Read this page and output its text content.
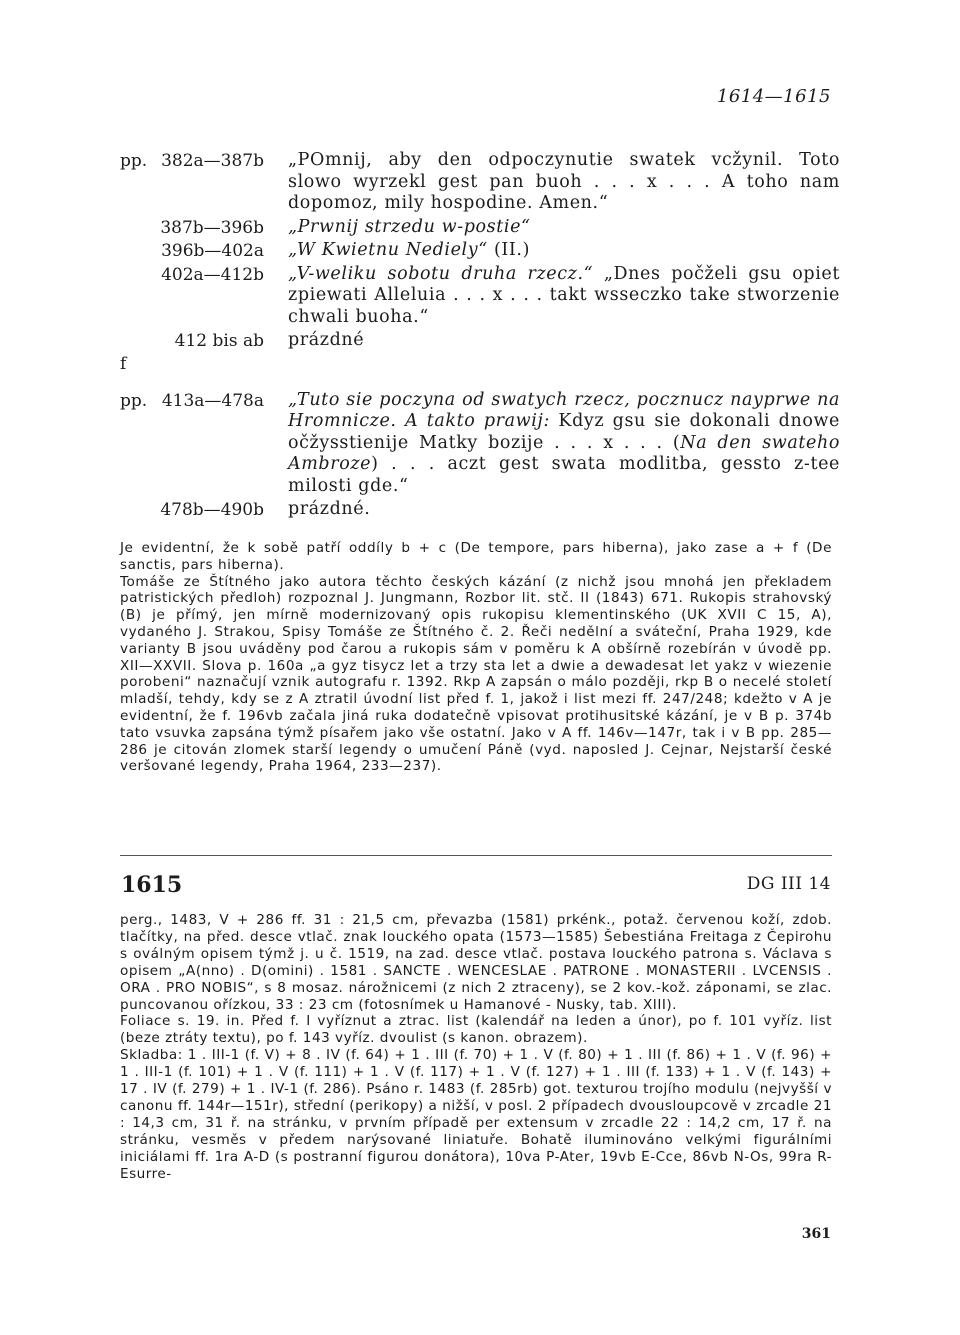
1614—1615
pp. 382a—387b „POmnij, aby den odpoczynutie swatek vcžynil. Toto slowo wyrzekl gest pan buoh . . . x . . . A toho nam dopomoz, mily hospodine. Amen.“
387b—396b „Prwnij strzedu w-postie“
396b—402a „W Kwietnu Nediely“ (II.)
402a—412b „V-weliku sobotu druha rzecz.“ „Dnes počželi gsu opiet zpiewati Alleluia . . . x . . . takt wsseczko take stworzenie chwali buoha.“
412 bis ab prázdné
f
pp. 413a—478a „Tuto sie poczyna od swatych rzecz, pocznucz nayprwe na Hromnicze. A takto prawij: Kdyz gsu sie dokonali dnowe očžysstienije Matky bozije . . . x . . . (Na den swateho Ambroze) . . . aczt gest swata modlitba, gessto z-tee milosti gde.“
478b—490b prázdné.

Je evidentní, že k sobě patří oddíly b + c (De tempore, pars hiberna), jako zase a + f (De sanctis, pars hiberna).

Tomáše ze Štítného jako autora těchto českých kázání (z nichž jsou mnohá jen překladem patristických předloh) rozpoznal J. Jungmann, Rozbor lit. stč. II (1843) 671. Rukopis strahovský (B) je přímý, jen mírně modernizovaný opis rukopisu klementinského (UK XVII C 15, A), vydaného J. Strakou, Spisy Tomáše ze Štítného č. 2. Řeči nedělní a sváteční, Praha 1929, kde varianty B jsou uváděny pod čarou a rukopis sám v poměru k A obšírně rozebírán v úvodě pp. XII—XXVII. Slova p. 160a „a gyz tisycz let a trzy sta let a dwie a dewadesat let yakz v wiezenie porobeni“ naznačují vznik autografu r. 1392. Rkp A zapsán o málo později, rkp B o necelé století mladší, tehdy, kdy se z A ztratil úvodní list před f. 1, jakož i list mezi ff. 247/248; kdežto v A je evidentní, že f. 196vb začala jiná ruka dodatečně vpisovat protihusitské kázání, je v B p. 374b tato vsuvka zapsána týmž písařem jako vše ostatní. Jako v A ff. 146v—147r, tak i v B pp. 285—286 je citován zlomek starší legendy o umučení Páně (vyd. naposled J. Cejnar, Nejstarší české veršované legendy, Praha 1964, 233—237).

1615	DG III 14

perg., 1483, V + 286 ff. 31 : 21,5 cm, převazba (1581) prkénk., potaž. červenou koží, zdob. tlačítky, na před. desce vtlač. znak louckého opata (1573—1585) Šebestiána Freitaga z Čepirohu s oválným opisem týmž j. u č. 1519, na zad. desce vtlač. postava louckého patrona s. Václava s opisem „A(nno) . D(omini) . 1581 . SANCTE . WENCESLAE . PATRONE . MONASTERII . LVCENSIS . ORA . PRO NOBIS“, s 8 mosaz. nárožnicemi (z nich 2 ztraceny), se 2 kov.-kož. záponami, se zlac. puncovanou ořízkou, 33 : 23 cm (fotosnímek u Hamanové - Nusky, tab. XIII).

Foliace s. 19. in. Před f. I vyříznut a ztrac. list (kalendář na leden a únor), po f. 101 vyříz. list (beze ztráty textu), po f. 143 vyříz. dvoulist (s kanon. obrazem).

Skladba: 1 . III-1 (f. V) + 8 . IV (f. 64) + 1 . III (f. 70) + 1 . V (f. 80) + 1 . III (f. 86) + 1 . V (f. 96) + 1 . III-1 (f. 101) + 1 . V (f. 111) + 1 . V (f. 117) + 1 . V (f. 127) + 1 . III (f. 133) + 1 . V (f. 143) + 17 . IV (f. 279) + 1 . IV-1 (f. 286). Psáno r. 1483 (f. 285rb) got. texturou trojího modulu (nejvyšší v canonu ff. 144r—151r), střední (perikopy) a nižší, v posl. 2 případech dvousloupcově v zrcadle 21 : 14,3 cm, 31 ř. na stránku, v prvním případě per extensum v zrcadle 22 : 14,2 cm, 17 ř. na stránku, vesměs v předem narýsované liniatuře. Bohatě iluminováno velkými figurálními iniciálami ff. 1ra A-D (s postranní figurou donátora), 10va P-Ater, 19vb E-Cce, 86vb N-Os, 99ra R-Esurre-

361
